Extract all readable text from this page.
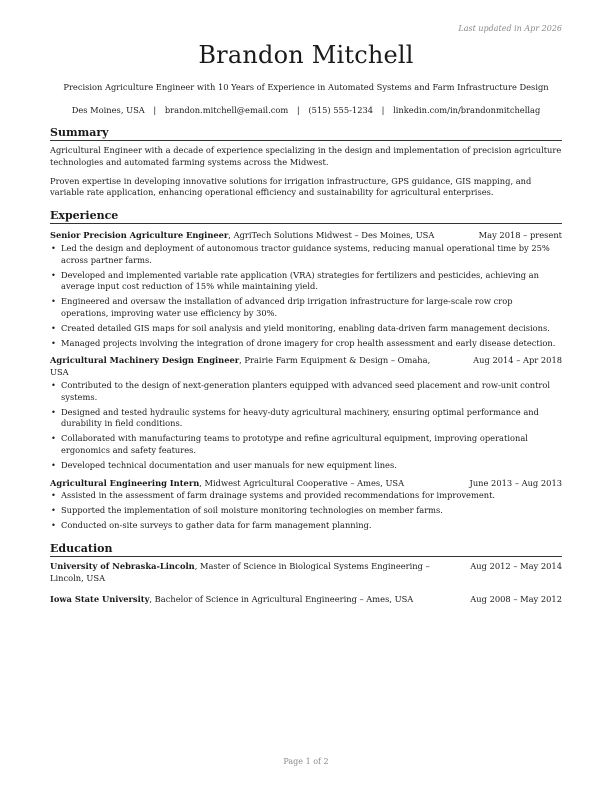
Last updated in Apr 2026
Brandon Mitchell
Precision Agriculture Engineer with 10 Years of Experience in Automated Systems and Farm Infrastructure Design
Des Moines, USA | brandon.mitchell@email.com | (515) 555-1234 | linkedin.com/in/brandonmitchellag
Summary

Agricultural Engineer with a decade of experience specializing in the design and implementation of precision agriculture technologies and automated farming systems across the Midwest.

Proven expertise in developing innovative solutions for irrigation infrastructure, GPS guidance, GIS mapping, and variable rate application, enhancing operational efficiency and sustainability for agricultural enterprises.

Experience
Senior Precision Agriculture Engineer, AgriTech Solutions Midwest – Des Moines, USA	May 2018 – present
• Led the design and deployment of autonomous tractor guidance systems, reducing manual operational time by 25% across partner farms.
• Developed and implemented variable rate application (VRA) strategies for fertilizers and pesticides, achieving an average input cost reduction of 15% while maintaining yield.
• Engineered and oversaw the installation of advanced drip irrigation infrastructure for large-scale row crop operations, improving water use efficiency by 30%.
• Created detailed GIS maps for soil analysis and yield monitoring, enabling data-driven farm management decisions.
• Managed projects involving the integration of drone imagery for crop health assessment and early disease detection.
Agricultural Machinery Design Engineer, Prairie Farm Equipment & Design – Omaha, USA
Aug 2014 – Apr 2018
• Contributed to the design of next-generation planters equipped with advanced seed placement and row-unit control systems.
• Designed and tested hydraulic systems for heavy-duty agricultural machinery, ensuring optimal performance and durability in field conditions.
• Collaborated with manufacturing teams to prototype and refine agricultural equipment, improving operational ergonomics and safety features.
• Developed technical documentation and user manuals for new equipment lines.
Agricultural Engineering Intern, Midwest Agricultural Cooperative – Ames, USA	June 2013 – Aug 2013
• Assisted in the assessment of farm drainage systems and provided recommendations for improvement.
• Supported the implementation of soil moisture monitoring technologies on member farms.
• Conducted on-site surveys to gather data for farm management planning.
Education
University of Nebraska-Lincoln, Master of Science in Biological Systems Engineering – Lincoln, USA
Aug 2012 – May 2014
Iowa State University, Bachelor of Science in Agricultural Engineering – Ames, USA	Aug 2008 – May 2012
Page 1 of 2
